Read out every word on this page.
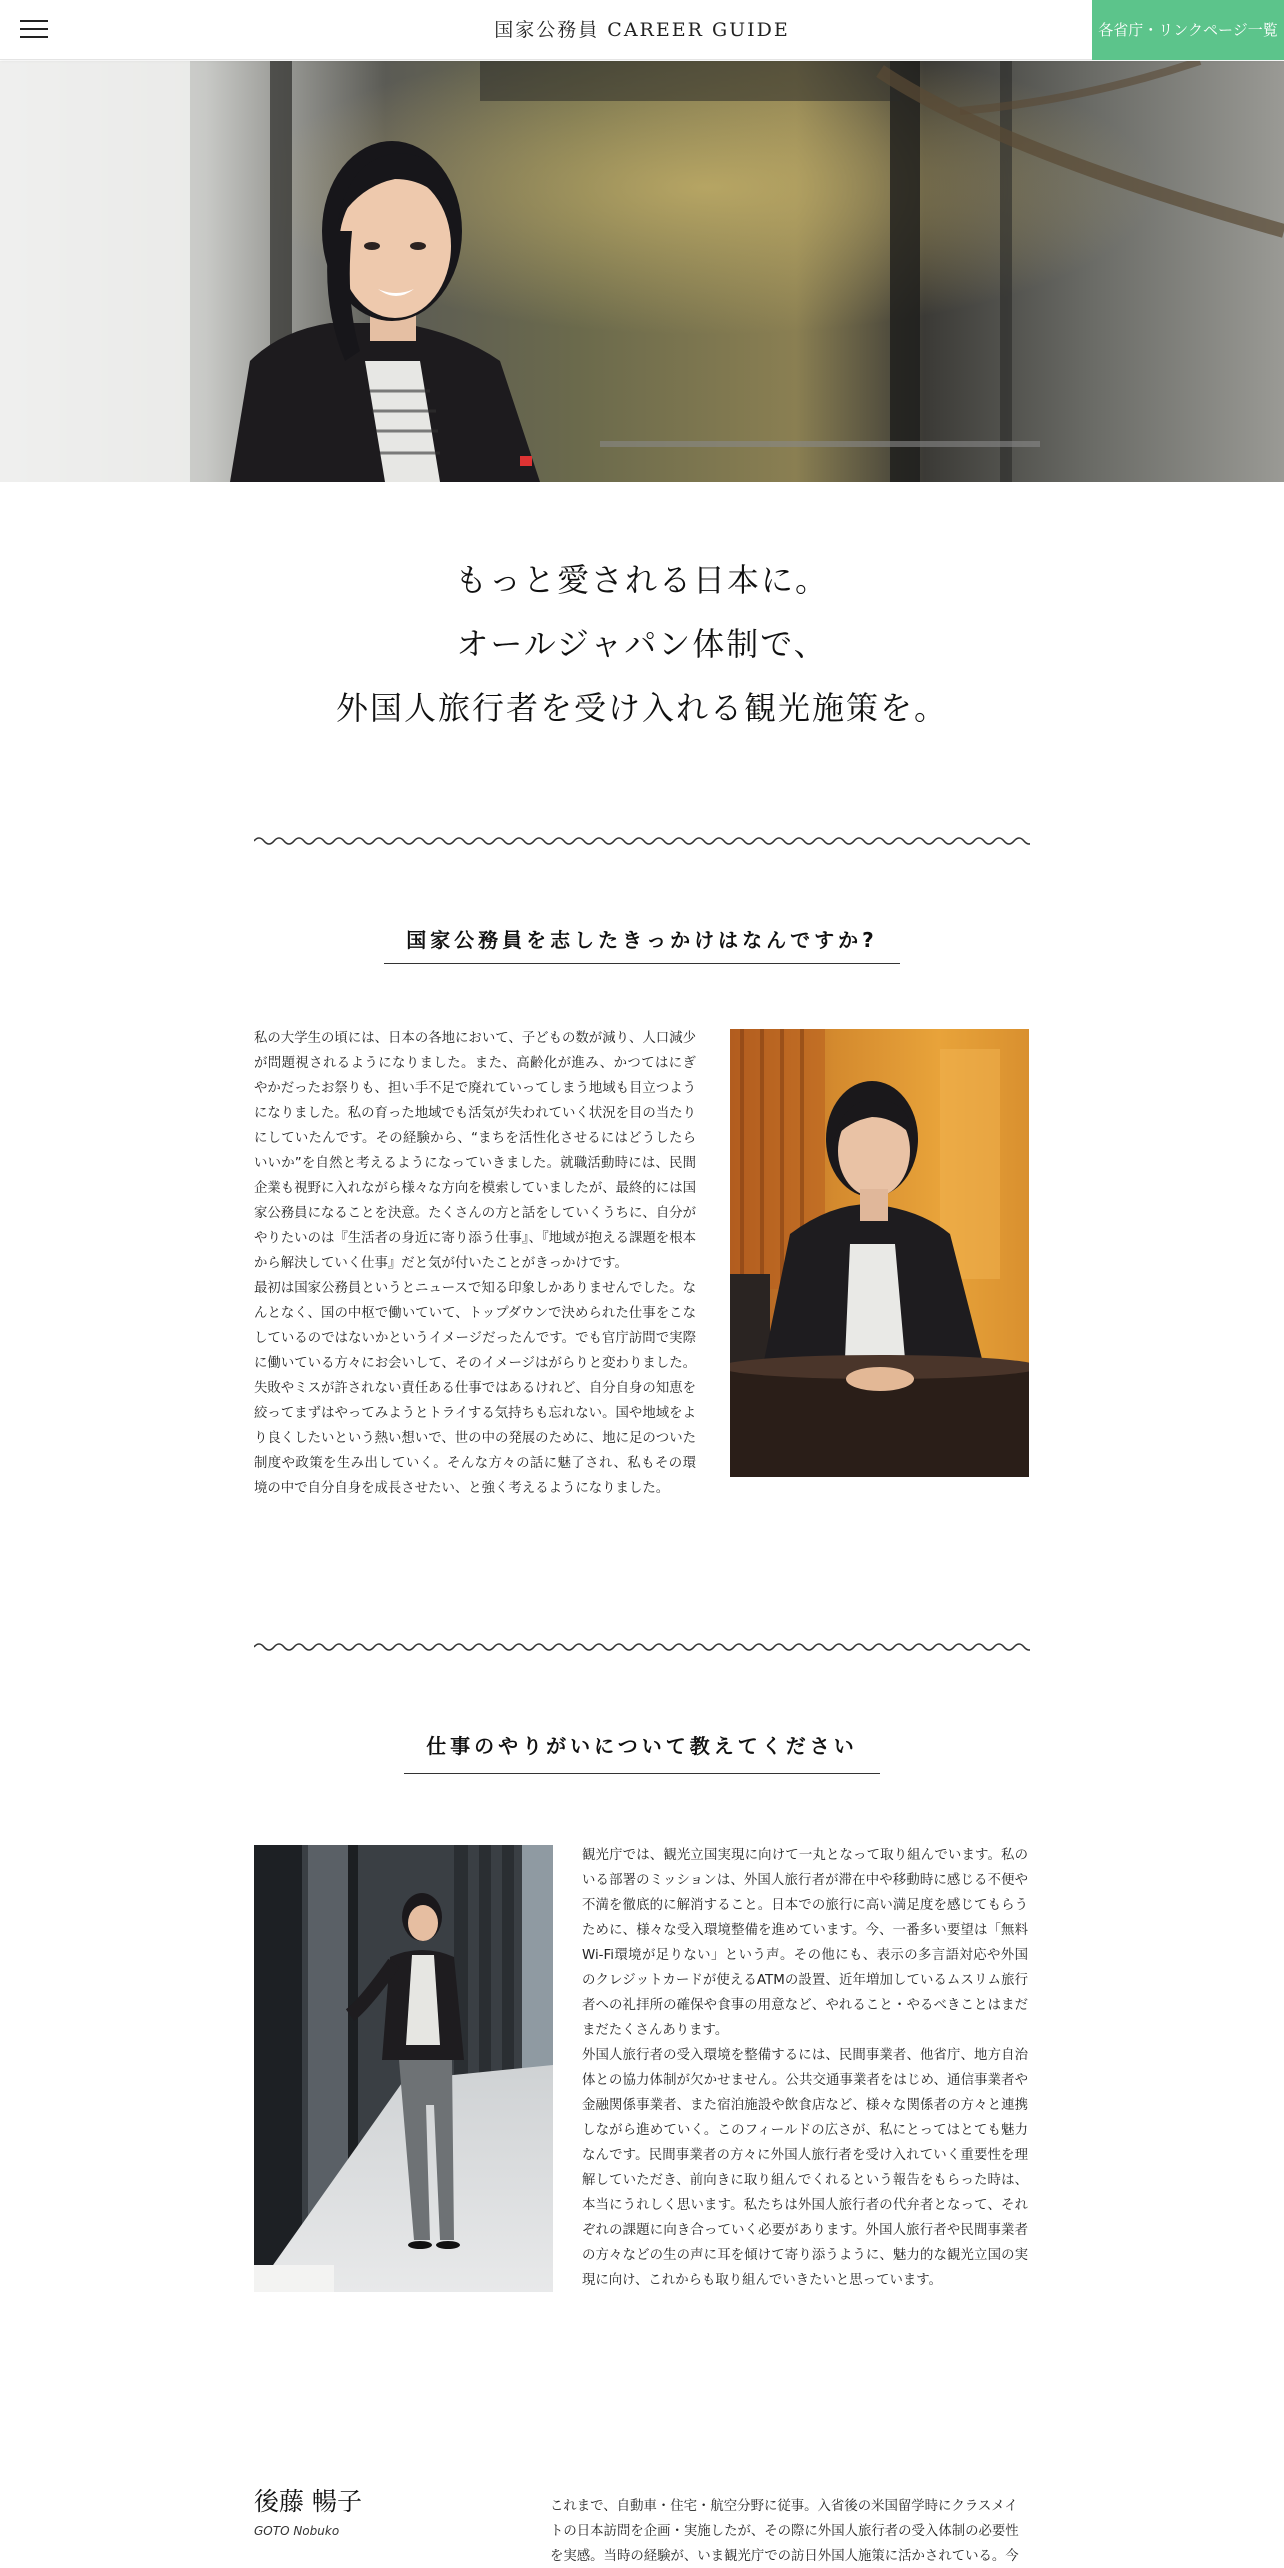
国家公務員 CAREER GUIDE	各省庁・リンクページ一覧
もっと愛される日本に。
オールジャパン体制で、
外国人旅行者を受け入れる観光施策を。
国家公務員を志したきっかけはなんですか?

私の大学生の頃には、日本の各地において、子どもの数が減り、人口減少が問題視されるようになりました。また、高齢化が進み、かつてはにぎやかだったお祭りも、担い手不足で廃れていってしまう地域も目立つようになりました。私の育った地域でも活気が失われていく状況を目の当たりにしていたんです。その経験から、“まちを活性化させるにはどうしたらいいか”を自然と考えるようになっていきました。就職活動時には、民間企業も視野に入れながら様々な方向を模索していましたが、最終的には国家公務員になることを決意。たくさんの方と話をしていくうちに、自分がやりたいのは『生活者の身近に寄り添う仕事』、『地域が抱える課題を根本から解決していく仕事』だと気が付いたことがきっかけです。

最初は国家公務員というとニュースで知る印象しかありませんでした。なんとなく、国の中枢で働いていて、トップダウンで決められた仕事をこなしているのではないかというイメージだったんです。でも官庁訪問で実際に働いている方々にお会いして、そのイメージはがらりと変わりました。失敗やミスが許されない責任ある仕事ではあるけれど、自分自身の知恵を絞ってまずはやってみようとトライする気持ちも忘れない。国や地域をより良くしたいという熱い想いで、世の中の発展のために、地に足のついた制度や政策を生み出していく。そんな方々の話に魅了され、私もその環境の中で自分自身を成長させたい、と強く考えるようになりました。

仕事のやりがいについて教えてください

観光庁では、観光立国実現に向けて一丸となって取り組んでいます。私のいる部署のミッションは、外国人旅行者が滞在中や移動時に感じる不便や不満を徹底的に解消すること。日本での旅行に高い満足度を感じてもらうために、様々な受入環境整備を進めています。今、一番多い要望は「無料Wi-Fi環境が足りない」という声。その他にも、表示の多言語対応や外国のクレジットカードが使えるATMの設置、近年増加しているムスリム旅行者への礼拝所の確保や食事の用意など、やれること・やるべきことはまだまだたくさんあります。

外国人旅行者の受入環境を整備するには、民間事業者、他省庁、地方自治体との協力体制が欠かせません。公共交通事業者をはじめ、通信事業者や金融関係事業者、また宿泊施設や飲食店など、様々な関係者の方々と連携しながら進めていく。このフィールドの広さが、私にとってはとても魅力なんです。民間事業者の方々に外国人旅行者を受け入れていく重要性を理解していただき、前向きに取り組んでくれるという報告をもらった時は、本当にうれしく思います。私たちは外国人旅行者の代弁者となって、それぞれの課題に向き合っていく必要があります。外国人旅行者や民間事業者の方々などの生の声に耳を傾けて寄り添うように、魅力的な観光立国の実現に向け、これからも取り組んでいきたいと思っています。

後藤 暢子
GOTO Nobuko
これまで、自動車・住宅・航空分野に従事。入省後の米国留学時にクラスメイトの日本訪問を企画・実施したが、その際に外国人旅行者の受入体制の必要性を実感。当時の経験が、いま観光庁での訪日外国人施策に活かされている。今
